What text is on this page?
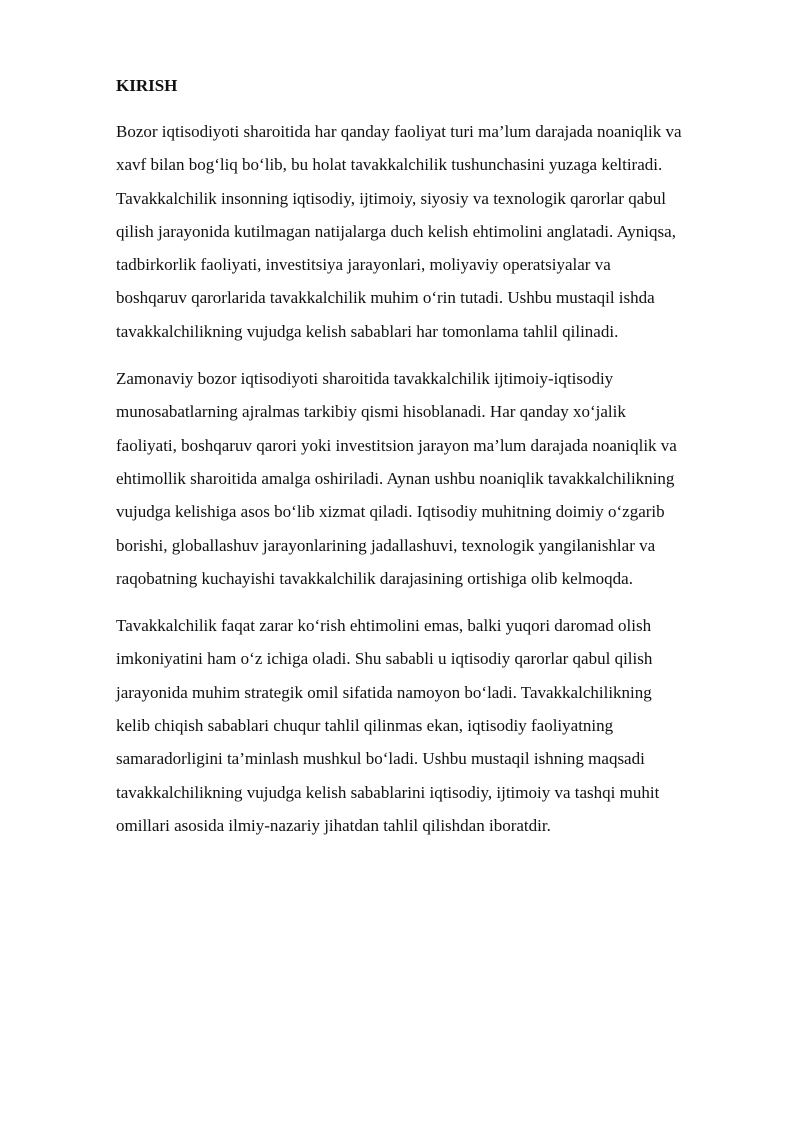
KIRISH
Bozor iqtisodiyoti sharoitida har qanday faoliyat turi ma’lum darajada noaniqlik va
xavf bilan bog‘liq bo‘lib, bu holat tavakkalchilik tushunchasini yuzaga keltiradi.
Tavakkalchilik insonning iqtisodiy, ijtimoiy, siyosiy va texnologik qarorlar qabul
qilish jarayonida kutilmagan natijalarga duch kelish ehtimolini anglatadi. Ayniqsa,
tadbirkorlik faoliyati, investitsiya jarayonlari, moliyaviy operatsiyalar va
boshqaruv qarorlarida tavakkalchilik muhim o‘rin tutadi. Ushbu mustaqil ishda
tavakkalchilikning vujudga kelish sabablari har tomonlama tahlil qilinadi.
Zamonaviy bozor iqtisodiyoti sharoitida tavakkalchilik ijtimoiy-iqtisodiy
munosabatlarning ajralmas tarkibiy qismi hisoblanadi. Har qanday xo‘jalik
faoliyati, boshqaruv qarori yoki investitsion jarayon ma’lum darajada noaniqlik va
ehtimollik sharoitida amalga oshiriladi. Aynan ushbu noaniqlik tavakkalchilikning
vujudga kelishiga asos bo‘lib xizmat qiladi. Iqtisodiy muhitning doimiy o‘zgarib
borishi, globallashuv jarayonlarining jadallashuvi, texnologik yangilanishlar va
raqobatning kuchayishi tavakkalchilik darajasining ortishiga olib kelmoqda.
Tavakkalchilik faqat zarar ko‘rish ehtimolini emas, balki yuqori daromad olish
imkoniyatini ham o‘z ichiga oladi. Shu sababli u iqtisodiy qarorlar qabul qilish
jarayonida muhim strategik omil sifatida namoyon bo‘ladi. Tavakkalchilikning
kelib chiqish sabablari chuqur tahlil qilinmas ekan, iqtisodiy faoliyatning
samaradorligini ta’minlash mushkul bo‘ladi. Ushbu mustaqil ishning maqsadi
tavakkalchilikning vujudga kelish sabablarini iqtisodiy, ijtimoiy va tashqi muhit
omillari asosida ilmiy-nazariy jihatdan tahlil qilishdan iboratdir.
